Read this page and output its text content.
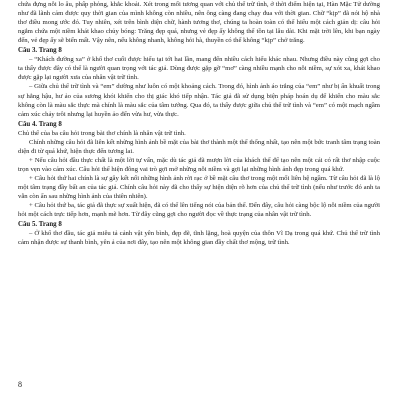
chứa đựng nỗi lo âu, phấp phỏng, khắc khoải. Xét trong mối tương quan với chủ thể trữ tình, ở thời điểm hiện tại, Hàn Mặc Tử dường như đã lãnh cảm được quy thời gian của mình không còn nhiều, nên ông càng đang chạy đua với thời gian. Chữ “kịp” đã nói hộ nhà thơ điều mong ước đó. Tuy nhiên, xét trên bình diện chữ, hành tương thơ, chúng ta hoàn toàn có thể hiểu một cách giản dị: câu hỏi ngắm chứa một niềm khát khao chủy bóng: Trăng đẹp quá, nhưng vẻ đẹp ấy không thể tồn tại lâu dài. Khi mặt trời lên, khi bạn ngày đến, vẻ đẹp ấy sẽ biến mất. Vậy nên, nếu không nhanh, không hỏi hà, thuyền có thể không “kịp” chở trăng.

Câu 3. Trang 8

– “Khách đường xa” ở khổ thơ cuối được hiểu tại tới hai lần, mang đến nhiều cách hiểu khác nhau. Nhưng điều này cũng gợi cho ta thấy được đây có thể là người quan trọng với tác giả. Dùng được gặp gỡ “mơ” càng nhiều mạnh cho nỗi niềm, sự xót xa, khát khao được gặp lại người xưa của nhân vật trữ tình.

– Giữa chủ thể trữ tình và “em” dường như luôn có một khoảng cách. Trong đó, hình ảnh áo trắng của “em” như bị ẩn khuất trong sự hằng hậu, hư ảo của sương khói khiến cho thị giác khó tiếp nhận. Tác giả đã sử dụng biện pháp hoán dụ để khiến cho màu sắc không còn là màu sắc thực mà chính là màu sắc của tâm tưởng. Qua đó, ta thấy được giữa chủ thể trữ tình và “em” có một mạch ngầm cảm xúc chảy trôi nhưng lại huyền ảo đến vừa hư, vừa thực.

Câu 4. Trang 8

Chủ thể của ba câu hỏi trong bài thơ chính là nhân vật trữ tình.

Chính những câu hỏi đã liên kết những hình ảnh bề mặt của bài thơ thành một thể thống nhất, tạo nên một bức tranh tâm trạng toàn diện đi từ quá khứ, hiện thực đến tương lai.

+ Nếu câu hỏi đầu thực chất là một lời tự vấn, mặc dù tác giả đã mượn lời của khách thể để tạo nên một cái có rất thơ nhập cuộc trọn vẹn vào cảm xúc. Câu hỏi thể hiện đông vai trò gợi mở những nỗi niềm và gợi lại những hình ảnh đẹp trong quá khứ.

+ Câu hỏi thứ hai chính là sự gây kết nối những hình ảnh rời rạc ở bề mặt câu thơ trong một mối liên hệ ngầm. Từ câu hỏi đã là lộ một tâm trạng đầy bất an của tác giả. Chính câu hỏi này đã cho thấy sự hiện diện rõ hơn của chủ thể trữ tình (nếu như trước đó anh ta vẫn còn ẩn sau những hình ảnh của thiên nhiên).

+ Câu hỏi thứ ba, tác giả đã thực sự xuất hiện, đã có thể lên tiếng nói của bản thể. Đến đây, câu hỏi càng bộc lộ nỗi niềm của người hỏi một cách trực tiếp hơn, mạnh mẽ hơn. Từ đây cũng gợi cho người đọc về thực trạng của nhân vật trữ tình.

Câu 5. Trang 8

– Ở khổ thơ đầu, tác giả miêu tả cảnh vật yên bình, đẹp đẽ, tĩnh lặng, hoà quyện của thôn Vĩ Dạ trong quá khứ. Chủ thể trữ tình cảm nhận được sự thanh bình, yên ả của nơi đây, tạo nên một không gian đầy chất thơ mộng, trữ tình.

8
